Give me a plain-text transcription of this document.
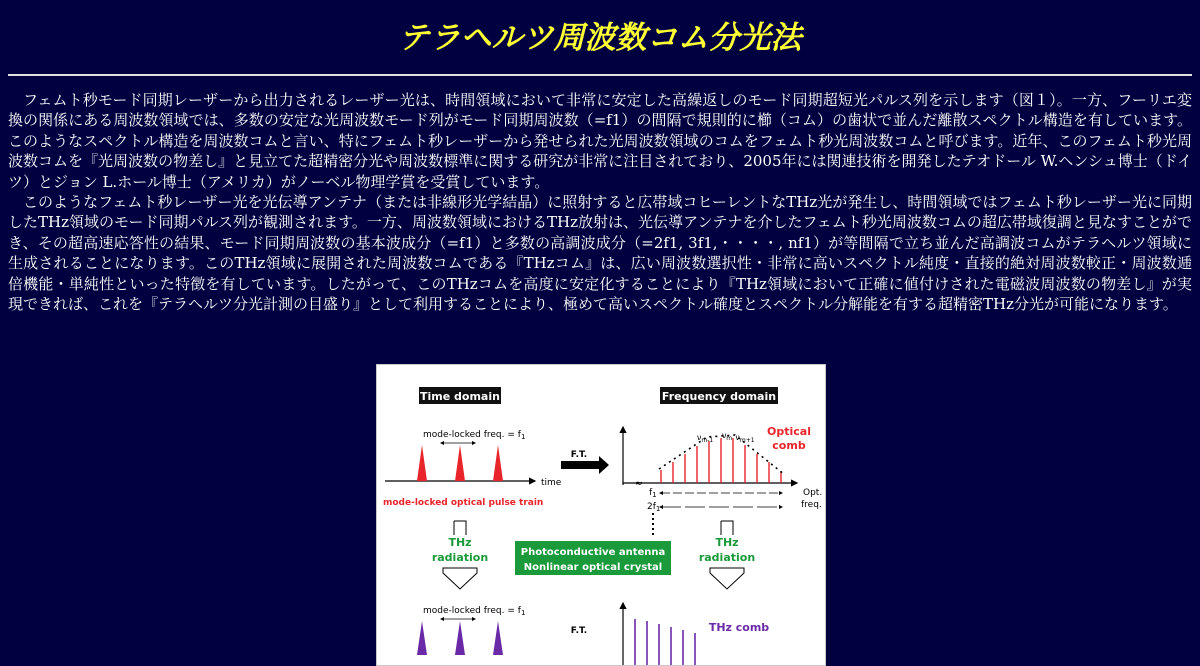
テラヘルツ周波数コム分光法

フェムト秒モード同期レーザーから出力されるレーザー光は、時間領域において非常に安定した高繰返しのモード同期超短光パルス列を示します（図１）。一方、フーリエ変換の関係にある周波数領域では、多数の安定な光周波数モード列がモード同期周波数（=f1）の間隔で規則的に櫛（コム）の歯状で並んだ離散スペクトル構造を有しています。このようなスペクトル構造を周波数コムと言い、特にフェムト秒レーザーから発せられた光周波数領域のコムをフェムト秒光周波数コムと呼びます。近年、このフェムト秒光周波数コムを『光周波数の物差し』と見立てた超精密分光や周波数標準に関する研究が非常に注目されており、2005年には関連技術を開発したテオドール W.ヘンシュ博士（ドイツ）とジョン L.ホール博士（アメリカ）がノーベル物理学賞を受賞しています。

このようなフェムト秒レーザー光を光伝導アンテナ（または非線形光学結晶）に照射すると広帯域コヒーレントなTHz光が発生し、時間領域ではフェムト秒レーザー光に同期したTHz領域のモード同期パルス列が観測されます。一方、周波数領域におけるTHz放射は、光伝導アンテナを介したフェムト秒光周波数コムの超広帯域復調と見なすことができ、その超高速応答性の結果、モード同期周波数の基本波成分（=f1）と多数の高調波成分（=2f1, 3f1,・・・・, nf1）が等間隔で立ち並んだ高調波コムがテラヘルツ領域に生成されることになります。このTHz領域に展開された周波数コムである『THzコム』は、広い周波数選択性・非常に高いスペクトル純度・直接的絶対周波数較正・周波数逓倍機能・単純性といった特徴を有しています。したがって、このTHzコムを高度に安定化することにより『THz領域において正確に値付けされた電磁波周波数の物差し』が実現できれば、これを『テラヘルツ分光計測の目盛り』として利用することにより、極めて高いスペクトル確度とスペクトル分解能を有する超精密THz分光が可能になります。

Time domain	Frequency domain
mode-locked freq. = $f_1$
time
mode-locked optical pulse train
F.T.
≈
$\nu_{m-1}$
$\nu_m$ $\nu_{m+1}$
Optical
comb
$f_1$
$2f_1$
Opt.
freq.
THz
radiation
THz
radiation
Photoconductive antenna
Nonlinear optical crystal
mode-locked freq. = $f_1$
F.T.	THz comb
